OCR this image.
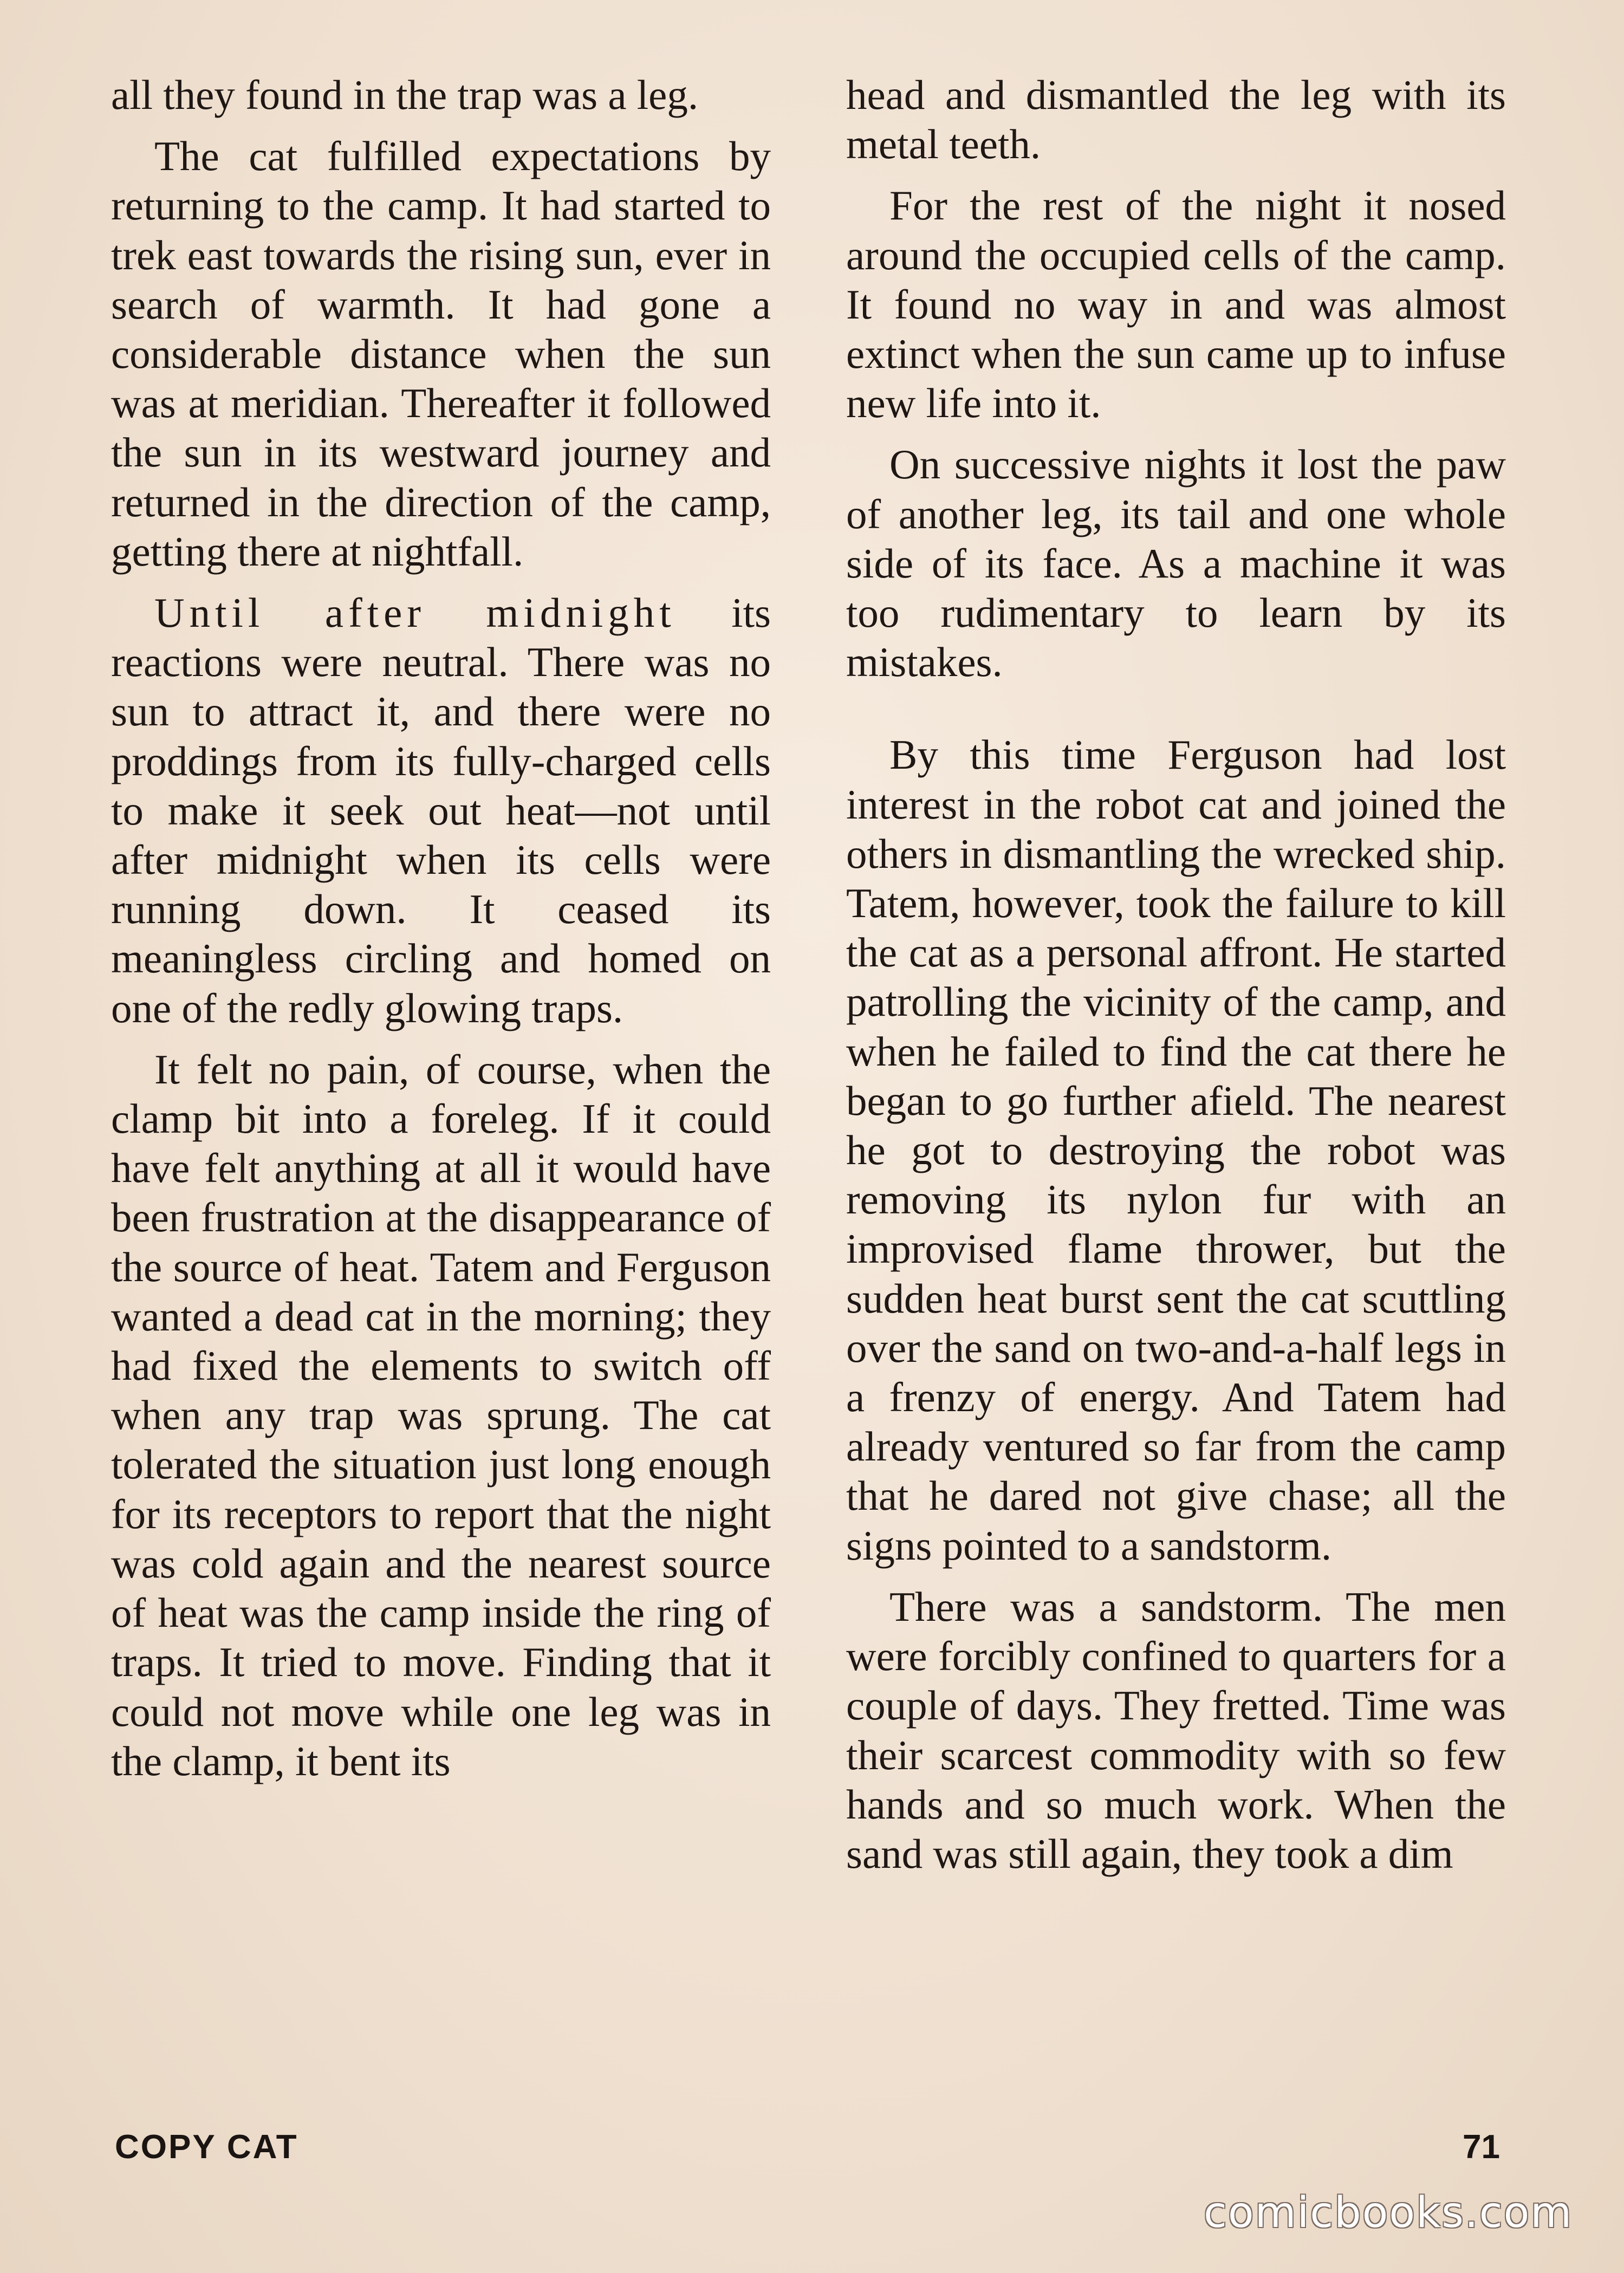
all they found in the trap was a leg.

The cat fulfilled expectations by returning to the camp. It had started to trek east towards the rising sun, ever in search of warmth. It had gone a considerable distance when the sun was at meridian. Thereafter it followed the sun in its westward journey and returned in the direction of the camp, getting there at nightfall.

Until after midnight its reactions were neutral. There was no sun to attract it, and there were no proddings from its fully-charged cells to make it seek out heat—not until after midnight when its cells were running down. It ceased its meaningless circling and homed on one of the redly glowing traps.

It felt no pain, of course, when the clamp bit into a foreleg. If it could have felt anything at all it would have been frustration at the disappearance of the source of heat. Tatem and Ferguson wanted a dead cat in the morning; they had fixed the elements to switch off when any trap was sprung. The cat tolerated the situation just long enough for its receptors to report that the night was cold again and the nearest source of heat was the camp inside the ring of traps. It tried to move. Finding that it could not move while one leg was in the clamp, it bent its

head and dismantled the leg with its metal teeth.

For the rest of the night it nosed around the occupied cells of the camp. It found no way in and was almost extinct when the sun came up to infuse new life into it.

On successive nights it lost the paw of another leg, its tail and one whole side of its face. As a machine it was too rudimentary to learn by its mistakes.

By this time Ferguson had lost interest in the robot cat and joined the others in dismantling the wrecked ship. Tatem, however, took the failure to kill the cat as a personal affront. He started patrolling the vicinity of the camp, and when he failed to find the cat there he began to go further afield. The nearest he got to destroying the robot was removing its nylon fur with an improvised flame thrower, but the sudden heat burst sent the cat scuttling over the sand on two-and-a-half legs in a frenzy of energy. And Tatem had already ventured so far from the camp that he dared not give chase; all the signs pointed to a sandstorm.

There was a sandstorm. The men were forcibly confined to quarters for a couple of days. They fretted. Time was their scarcest commodity with so few hands and so much work. When the sand was still again, they took a dim

COPY CAT	71
comicbooks.com
